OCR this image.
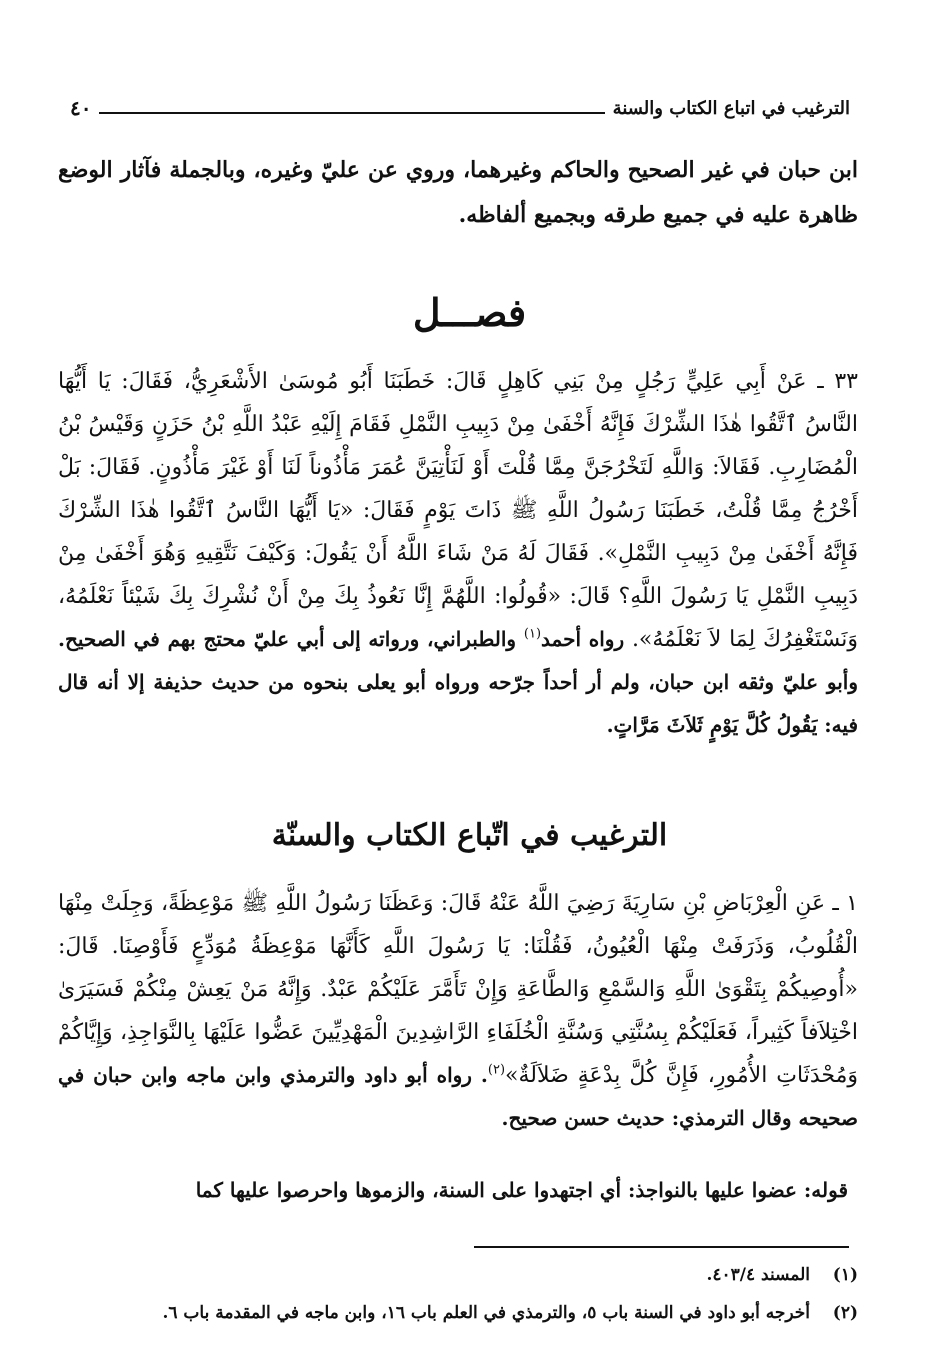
الترغيب في اتباع الكتاب والسنة
٤٠

ابن حبان في غير الصحيح والحاكم وغيرهما، وروي عن عليّ وغيره، وبالجملة فآثار الوضع ظاهرة عليه في جميع طرقه وبجميع ألفاظه.

فصـــل

٣٣ ـ عَنْ أَبِي عَلِيٍّ رَجُلٍ مِنْ بَنِي كَاهِلٍ قَالَ: خَطَبَنَا أَبُو مُوسَىٰ الأَشْعَرِيُّ، فَقَالَ: يَا أَيُّهَا النَّاسُ ٱتَّقُوا هٰذَا الشِّرْكَ فَإِنَّهُ أَخْفَىٰ مِنْ دَبِيبِ النَّمْلِ فَقَامَ إِلَيْهِ عَبْدُ اللَّهِ بْنُ حَزَنٍ وَقَيْسُ بْنُ الْمُضَارِبِ. فَقَالاَ: وَاللَّهِ لَتَخْرُجَنَّ مِمَّا قُلْتَ أَوْ لَنَأْتِيَنَّ عُمَرَ مَأْذُوناً لَنَا أَوْ غَيْرَ مَأْذُونٍ. فَقَالَ: بَلْ أَخْرُجُ مِمَّا قُلْتُ، خَطَبَنَا رَسُولُ اللَّهِ ﷺ ذَاتَ يَوْمٍ فَقَالَ: «يَا أَيُّهَا النَّاسُ ٱتَّقُوا هٰذَا الشِّرْكَ فَإِنَّهُ أَخْفَىٰ مِنْ دَبِيبِ النَّمْلِ». فَقَالَ لَهُ مَنْ شَاءَ اللَّهُ أَنْ يَقُولَ: وَكَيْفَ نَتَّقِيهِ وَهُوَ أَخْفَىٰ مِنْ دَبِيبِ النَّمْلِ يَا رَسُولَ اللَّهِ؟ قَالَ: «قُولُوا: اللَّهُمَّ إِنَّا نَعُوذُ بِكَ مِنْ أَنْ نُشْرِكَ بِكَ شَيْئاً نَعْلَمُهُ، وَنَسْتَغْفِرُكَ لِمَا لاَ نَعْلَمُهُ». رواه أحمد$^{(١)}$ والطبراني، ورواته إلى أبي عليّ محتج بهم في الصحيح. وأبو عليّ وثقه ابن حبان، ولم أر أحداً جرّحه ورواه أبو يعلى بنحوه من حديث حذيفة إلا أنه قال فيه: يَقُولُ كُلَّ يَوْمٍ ثَلاَثَ مَرَّاتٍ.

الترغيب في اتّباع الكتاب والسنّة

١ ـ عَنِ الْعِرْبَاضِ بْنِ سَارِيَةَ رَضِيَ اللَّهُ عَنْهُ قَالَ: وَعَظَنَا رَسُولُ اللَّهِ ﷺ مَوْعِظَةً، وَجِلَتْ مِنْهَا الْقُلُوبُ، وَذَرَفَتْ مِنْهَا الْعُيُونُ، فَقُلْنَا: يَا رَسُولَ اللَّهِ كَأَنَّهَا مَوْعِظَةُ مُوَدِّعٍ فَأَوْصِنَا. قَالَ: «أُوصِيكُمْ بِتَقْوَىٰ اللَّهِ وَالسَّمْعِ وَالطَّاعَةِ وَإِنْ تَأَمَّرَ عَلَيْكُمْ عَبْدٌ. وَإِنَّهُ مَنْ يَعِشْ مِنْكُمْ فَسَيَرَىٰ اخْتِلاَفاً كَثِيراً، فَعَلَيْكُمْ بِسُنَّتِي وَسُنَّةِ الْخُلَفَاءِ الرَّاشِدِينَ الْمَهْدِيِّينَ عَضُّوا عَلَيْهَا بِالنَّوَاجِذِ، وَإِيَّاكُمْ وَمُحْدَثَاتِ الأُمُورِ، فَإِنَّ كُلَّ بِدْعَةٍ ضَلاَلَةٌ»$^{(٢)}$. رواه أبو داود والترمذي وابن ماجه وابن حبان في صحيحه وقال الترمذي: حديث حسن صحيح.

قوله: عضوا عليها بالنواجذ: أي اجتهدوا على السنة، والزموها واحرصوا عليها كما
(١)
المسند ٤٠٣/٤.
(٢)
أخرجه أبو داود في السنة باب ٥، والترمذي في العلم باب ١٦، وابن ماجه في المقدمة باب ٦.
